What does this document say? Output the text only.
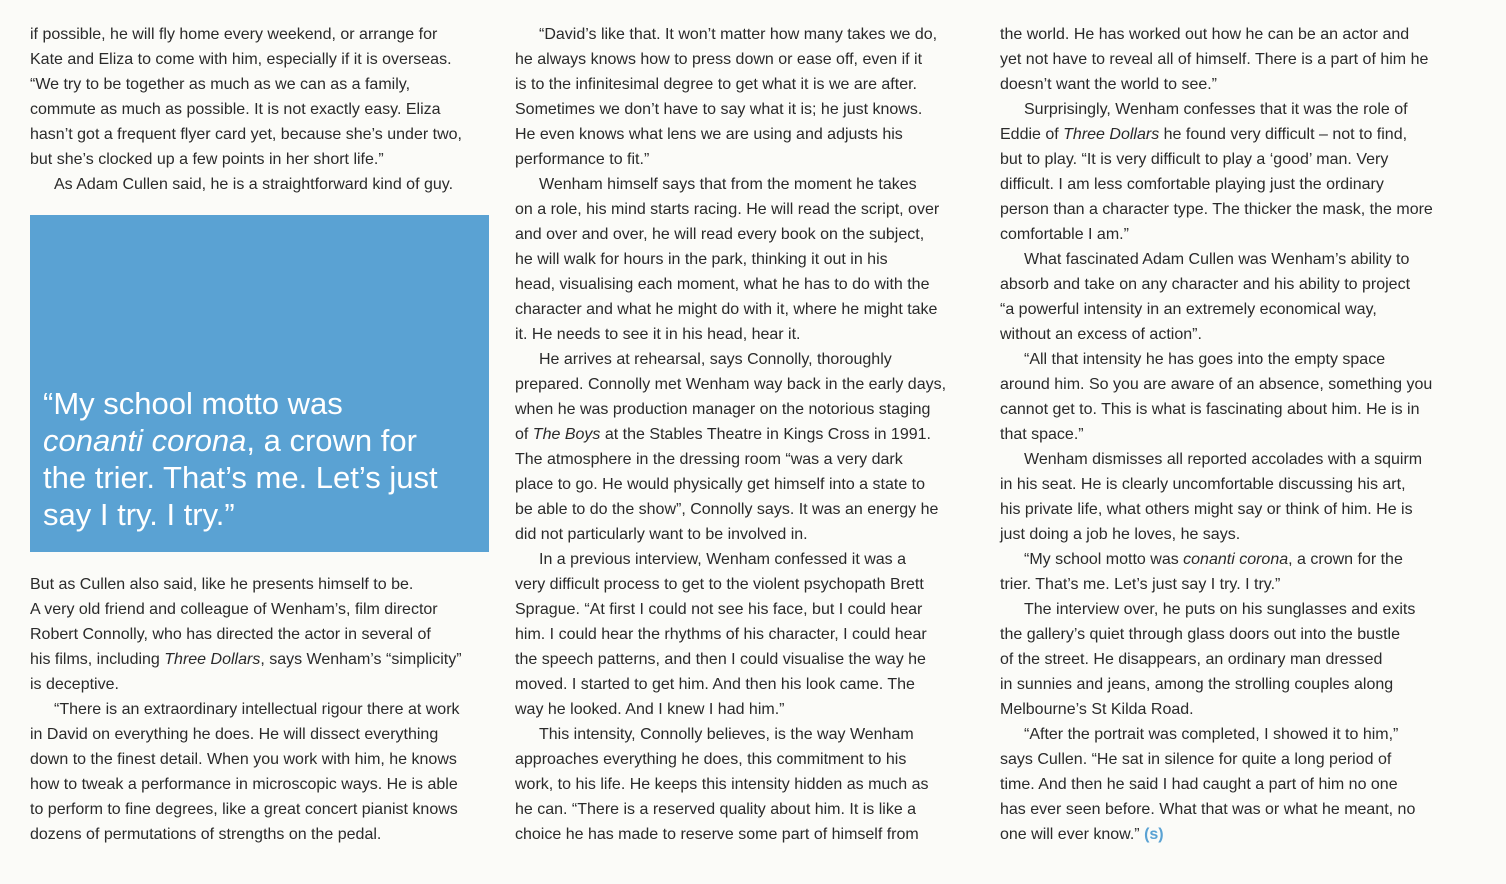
if possible, he will fly home every weekend, or arrange for
Kate and Eliza to come with him, especially if it is overseas.
“We try to be together as much as we can as a family,
commute as much as possible. It is not exactly easy. Eliza
hasn’t got a frequent flyer card yet, because she’s under two,
but she’s clocked up a few points in her short life.”
As Adam Cullen said, he is a straightforward kind of guy.
“My school motto was
conanti corona, a crown for
the trier. That’s me. Let’s just
say I try. I try.”
But as Cullen also said, like he presents himself to be.
A very old friend and colleague of Wenham’s, film director
Robert Connolly, who has directed the actor in several of
his films, including Three Dollars, says Wenham’s “simplicity”
is deceptive.
“There is an extraordinary intellectual rigour there at work
in David on everything he does. He will dissect everything
down to the finest detail. When you work with him, he knows
how to tweak a performance in microscopic ways. He is able
to perform to fine degrees, like a great concert pianist knows
dozens of permutations of strengths on the pedal.
“David’s like that. It won’t matter how many takes we do,
he always knows how to press down or ease off, even if it
is to the infinitesimal degree to get what it is we are after.
Sometimes we don’t have to say what it is; he just knows.
He even knows what lens we are using and adjusts his
performance to fit.”
Wenham himself says that from the moment he takes
on a role, his mind starts racing. He will read the script, over
and over and over, he will read every book on the subject,
he will walk for hours in the park, thinking it out in his
head, visualising each moment, what he has to do with the
character and what he might do with it, where he might take
it. He needs to see it in his head, hear it.
He arrives at rehearsal, says Connolly, thoroughly
prepared. Connolly met Wenham way back in the early days,
when he was production manager on the notorious staging
of The Boys at the Stables Theatre in Kings Cross in 1991.
The atmosphere in the dressing room “was a very dark
place to go. He would physically get himself into a state to
be able to do the show”, Connolly says. It was an energy he
did not particularly want to be involved in.
In a previous interview, Wenham confessed it was a
very difficult process to get to the violent psychopath Brett
Sprague. “At first I could not see his face, but I could hear
him. I could hear the rhythms of his character, I could hear
the speech patterns, and then I could visualise the way he
moved. I started to get him. And then his look came. The
way he looked. And I knew I had him.”
This intensity, Connolly believes, is the way Wenham
approaches everything he does, this commitment to his
work, to his life. He keeps this intensity hidden as much as
he can. “There is a reserved quality about him. It is like a
choice he has made to reserve some part of himself from
the world. He has worked out how he can be an actor and
yet not have to reveal all of himself. There is a part of him he
doesn’t want the world to see.”
Surprisingly, Wenham confesses that it was the role of
Eddie of Three Dollars he found very difficult – not to find,
but to play. “It is very difficult to play a ‘good’ man. Very
difficult. I am less comfortable playing just the ordinary
person than a character type. The thicker the mask, the more
comfortable I am.”
What fascinated Adam Cullen was Wenham’s ability to
absorb and take on any character and his ability to project
“a powerful intensity in an extremely economical way,
without an excess of action”.
“All that intensity he has goes into the empty space
around him. So you are aware of an absence, something you
cannot get to. This is what is fascinating about him. He is in
that space.”
Wenham dismisses all reported accolades with a squirm
in his seat. He is clearly uncomfortable discussing his art,
his private life, what others might say or think of him. He is
just doing a job he loves, he says.
“My school motto was conanti corona, a crown for the
trier. That’s me. Let’s just say I try. I try.”
The interview over, he puts on his sunglasses and exits
the gallery’s quiet through glass doors out into the bustle
of the street. He disappears, an ordinary man dressed
in sunnies and jeans, among the strolling couples along
Melbourne’s St Kilda Road.
“After the portrait was completed, I showed it to him,”
says Cullen. “He sat in silence for quite a long period of
time. And then he said I had caught a part of him no one
has ever seen before. What that was or what he meant, no
one will ever know.” (s)
